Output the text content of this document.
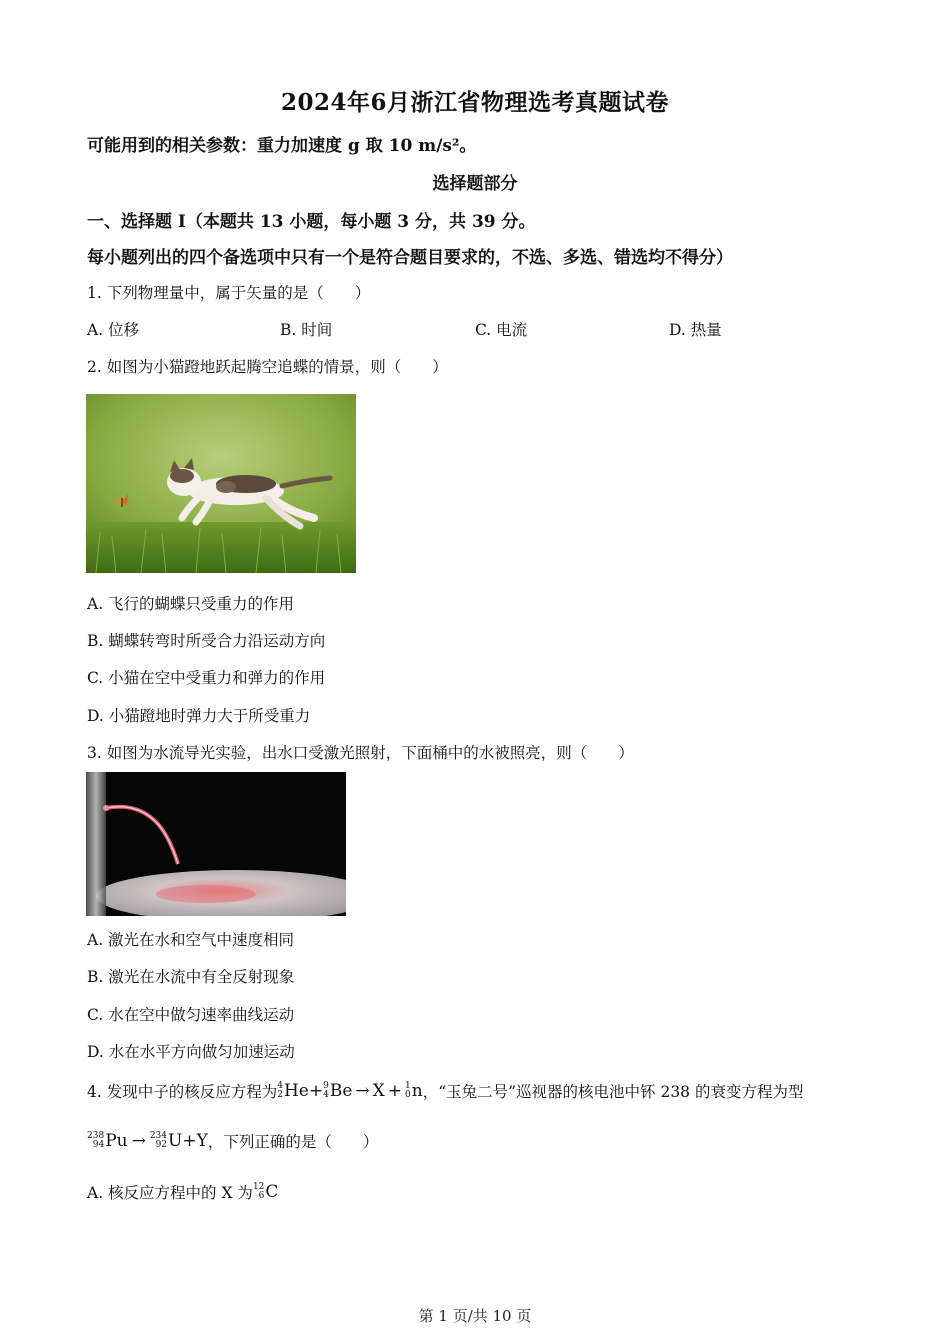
2024年6月浙江省物理选考真题试卷
可能用到的相关参数：重力加速度 g 取 10 m/s²。
选择题部分
一、选择题 I（本题共 13 小题，每小题 3 分，共 39 分。
每小题列出的四个备选项中只有一个是符合题目要求的，不选、多选、错选均不得分）
1. 下列物理量中，属于矢量的是（　　）
A. 位移	B. 时间	C. 电流	D. 热量
2. 如图为小猫蹬地跃起腾空追蝶的情景，则（　　）
A. 飞行的蝴蝶只受重力的作用
B. 蝴蝶转弯时所受合力沿运动方向
C. 小猫在空中受重力和弹力的作用
D. 小猫蹬地时弹力大于所受重力
3. 如图为水流导光实验，出水口受激光照射，下面桶中的水被照亮，则（　　）
A. 激光在水和空气中速度相同
B. 激光在水流中有全反射现象
C. 水在空中做匀速率曲线运动
D. 水在水平方向做匀加速运动
4. 发现中子的核反应方程为 4
2 He + 9
4 Be → X + 1
0 n ，“玉兔二号”巡视器的核电池中钚 238 的衰变方程为型
238
94 Pu → 234
92 U+Y ，下列正确的是（　　）
A. 核反应方程中的 X 为 12
6 C
第 1 页/共 10 页
